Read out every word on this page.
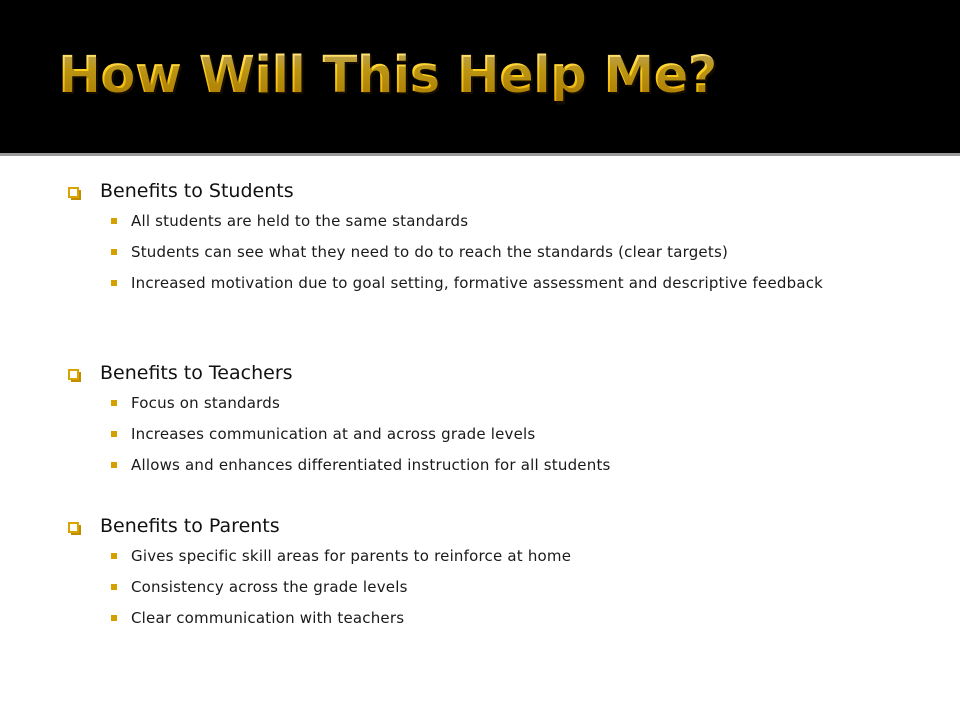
How Will This Help Me?
Benefits to Students
All students are held to the same standards
Students can see what they need to do to reach the standards (clear targets)
Increased motivation due to goal setting, formative assessment and descriptive feedback
Benefits to Teachers
Focus on standards
Increases communication at and across grade levels
Allows and enhances differentiated instruction for all students
Benefits to Parents
Gives specific skill areas for parents to reinforce at home
Consistency across the grade levels
Clear communication with teachers
